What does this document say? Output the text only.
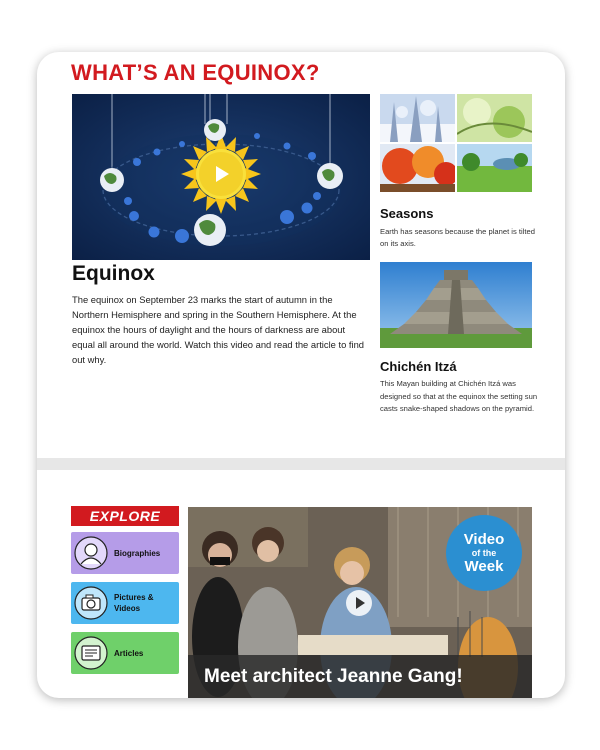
WHAT’S AN EQUINOX?
Equinox
The equinox on September 23 marks the start of autumn in the Northern Hemisphere and spring in the Southern Hemisphere. At the equinox the hours of daylight and the hours of darkness are about equal all around the world. Watch this video and read the article to find out why.
Seasons
Earth has seasons because the planet is tilted on its axis.
Chichén Itzá
This Mayan building at Chichén Itzá was designed so that at the equinox the setting sun casts snake-shaped shadows on the pyramid.
EXPLORE
Biographies
Pictures &
Videos
Articles
Video
of the
Week
Meet architect Jeanne Gang!
